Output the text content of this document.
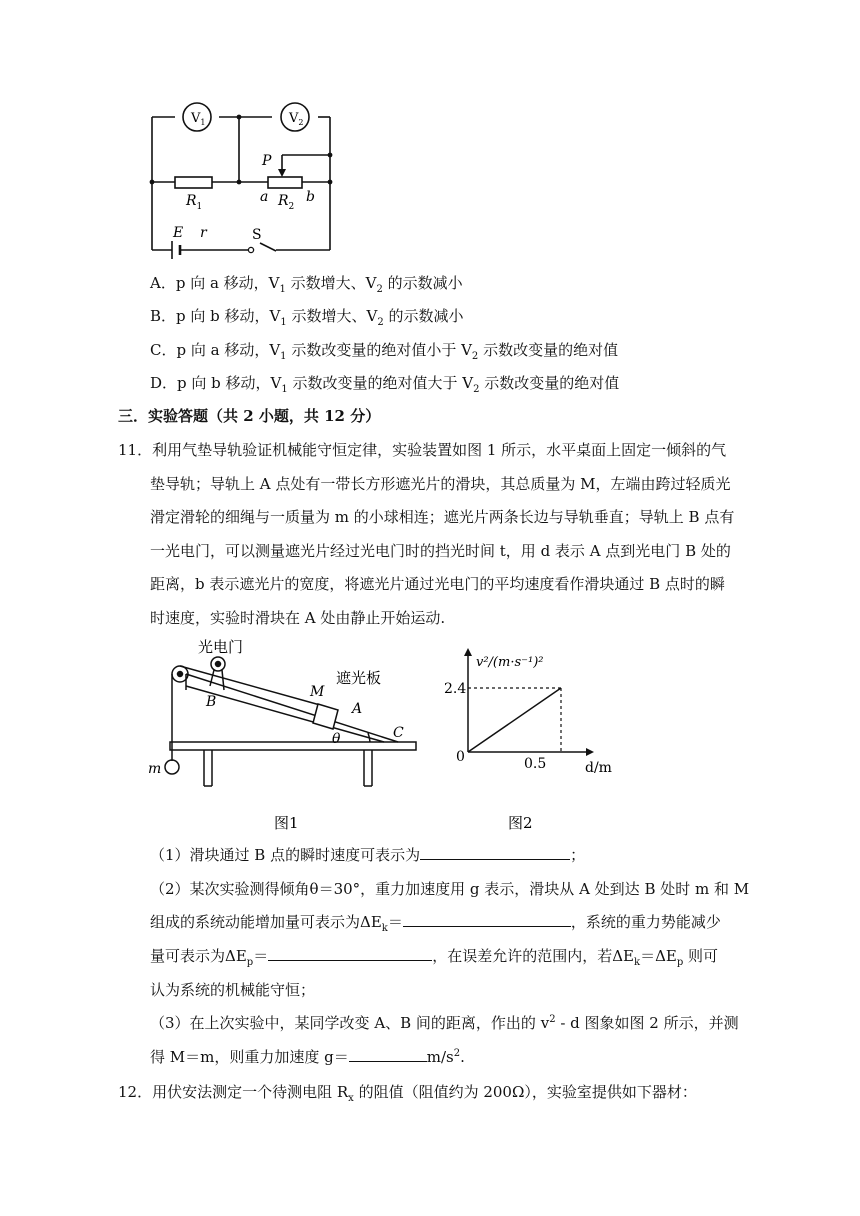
$V_1$	$V_2$
P
$R_1$
a $R_2$
b
E r	S
A．p 向 a 移动，$V_1$ 示数增大、$V_2$ 的示数减小
B．p 向 b 移动，$V_1$ 示数增大、$V_2$ 的示数减小
C．p 向 a 移动，$V_1$ 示数改变量的绝对值小于 $V_2$ 示数改变量的绝对值
D．p 向 b 移动，$V_1$ 示数改变量的绝对值大于 $V_2$ 示数改变量的绝对值
三．实验答题（共 2 小题，共 12 分）
11．利用气垫导轨验证机械能守恒定律，实验装置如图 1 所示，水平桌面上固定一倾斜的气
垫导轨；导轨上 A 点处有一带长方形遮光片的滑块，其总质量为 M，左端由跨过轻质光
滑定滑轮的细绳与一质量为 m 的小球相连；遮光片两条长边与导轨垂直；导轨上 B 点有
一光电门，可以测量遮光片经过光电门时的挡光时间 t，用 d 表示 A 点到光电门 B 处的
距离，b 表示遮光片的宽度，将遮光片通过光电门的平均速度看作滑块通过 B 点时的瞬
时速度，实验时滑块在 A 处由静止开始运动.
光电门
遮光板
M
A
B
C
θ
m
图1
v²/(m·s⁻¹)²
d/m
2.4
0.5
0
图2
（1）滑块通过 B 点的瞬时速度可表示为	；
（2）某次实验测得倾角θ＝30°，重力加速度用 g 表示，滑块从 A 处到达 B 处时 m 和 M
组成的系统动能增加量可表示为$\Delta E_k=$	，系统的重力势能减少
量可表示为$\Delta E_p=$	，在误差允许的范围内，若$\Delta E_k=\Delta E_p$ 则可
认为系统的机械能守恒；
（3）在上次实验中，某同学改变 A、B 间的距离，作出的 $v^2$ - d 图象如图 2 所示，并测
得 M＝m，则重力加速度 g＝	$m/s^2$.
12．用伏安法测定一个待测电阻 $R_x$ 的阻值（阻值约为 200Ω），实验室提供如下器材：
